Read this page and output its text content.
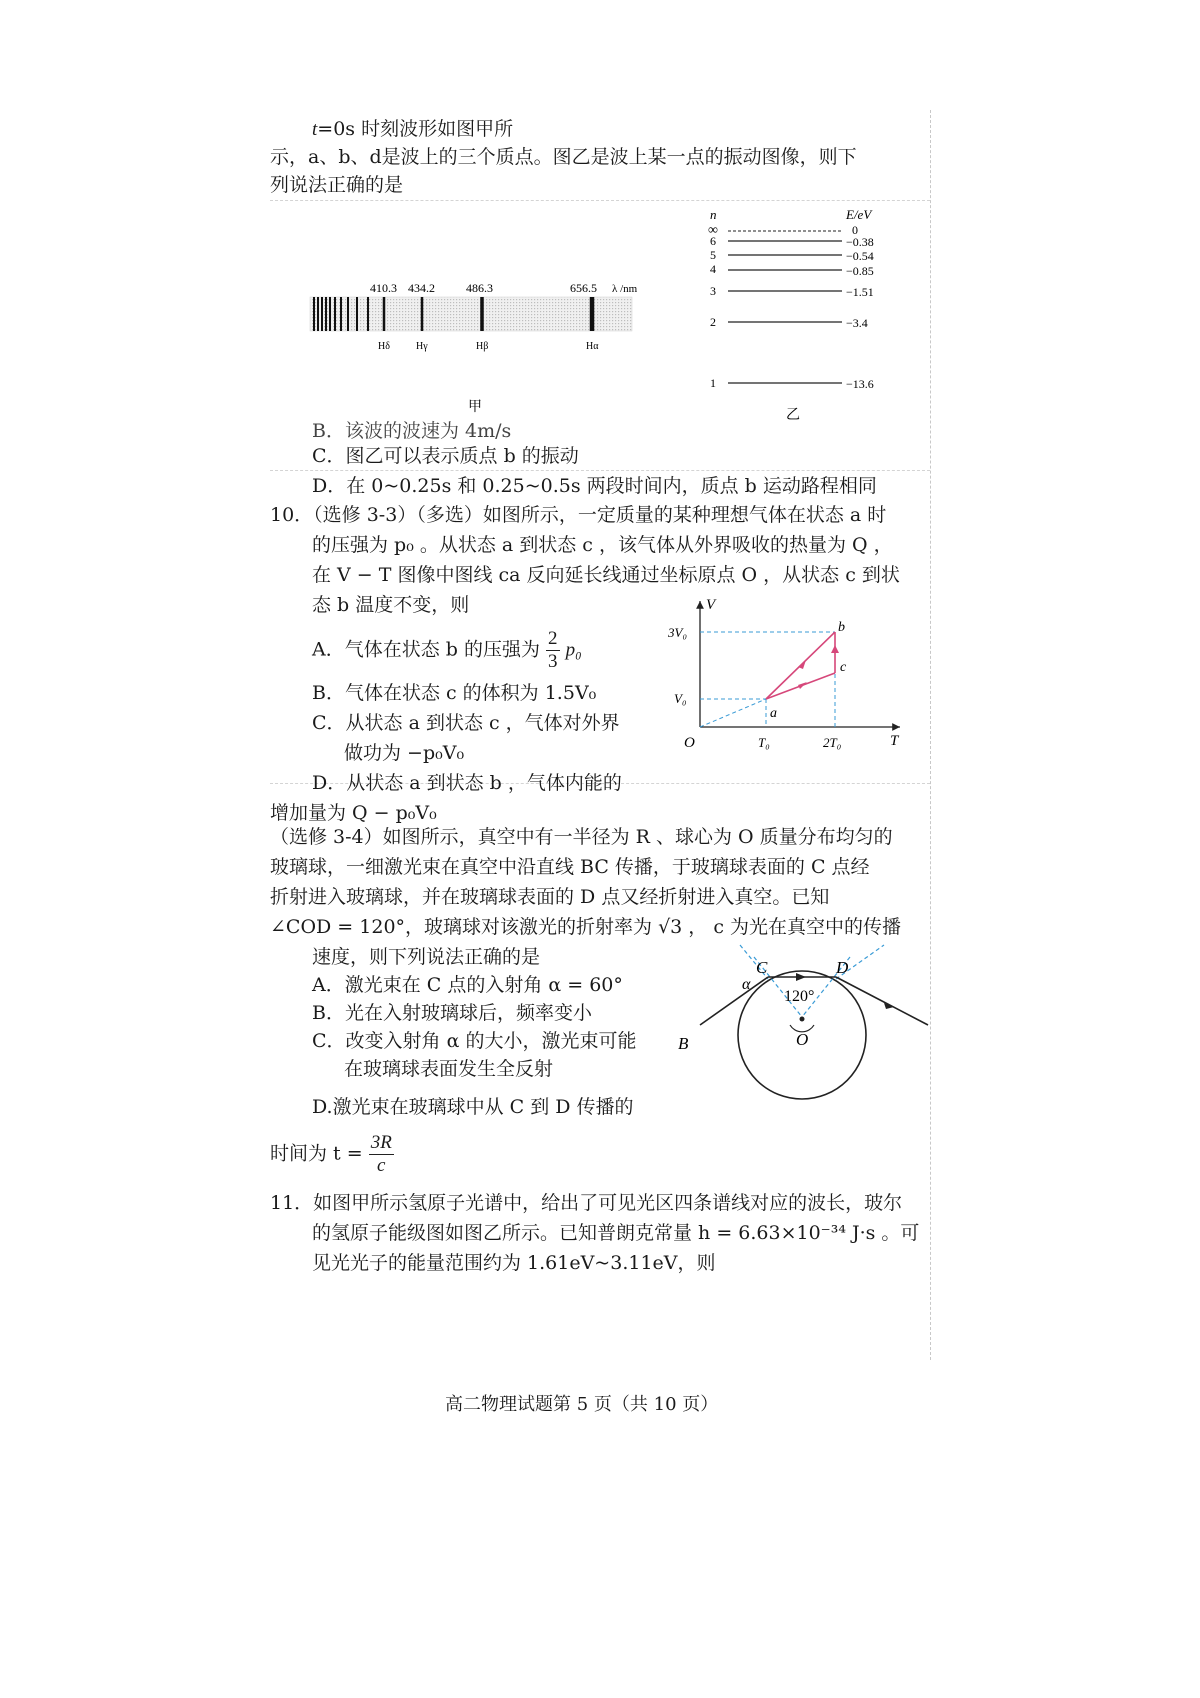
t=0s 时刻波形如图甲所
示，a、b、d是波上的三个质点。图乙是波上某一点的振动图像，则下
列说法正确的是
410.3 434.2	486.3	656.5 λ /nm
Hδ	Hγ	Hβ	Hα
甲
n	E/eV
∞	0
6	−0.38
5	−0.54
4	−0.85
3	−1.51
2	−3.4
1	−13.6
乙
B．该波的波速为 4m/s
C．图乙可以表示质点 b 的振动
D．在 0~0.25s 和 0.25~0.5s 两段时间内，质点 b 运动路程相同
10．（选修 3-3）（多选）如图所示，一定质量的某种理想气体在状态 a 时
的压强为 p₀ 。从状态 a 到状态 c ，该气体从外界吸收的热量为 Q ，
在 V − T 图像中图线 ca 反向延长线通过坐标原点 O ，从状态 c 到状
态 b 温度不变，则
A．气体在状态 b 的压强为 $\frac{2}{3} p_0$
B．气体在状态 c 的体积为 1.5V₀
C．从状态 a 到状态 c ，气体对外界
做功为 −p₀V₀
D．从状态 a 到状态 b ，气体内能的
增加量为 Q − p₀V₀
V
T
O
3V₀
V₀
T₀	2T₀
a
b
c
（选修 3-4）如图所示，真空中有一半径为 R 、球心为 O 质量分布均匀的
玻璃球，一细激光束在真空中沿直线 BC 传播，于玻璃球表面的 C 点经
折射进入玻璃球，并在玻璃球表面的 D 点又经折射进入真空。已知
∠COD = 120°，玻璃球对该激光的折射率为 √3 ， c 为光在真空中的传播
速度，则下列说法正确的是
A．激光束在 C 点的入射角 α = 60°
B．光在入射玻璃球后，频率变小
C．改变入射角 α 的大小，激光束可能
在玻璃球表面发生全反射
D.激光束在玻璃球中从 C 到 D 传播的
时间为 $t = \frac{3R}{c}$
C	D
B	O
α
120°
11．如图甲所示氢原子光谱中，给出了可见光区四条谱线对应的波长，玻尔
的氢原子能级图如图乙所示。已知普朗克常量 h = 6.63×10⁻³⁴ J·s 。可
见光光子的能量范围约为 1.61eV~3.11eV，则
高二物理试题第 5 页（共 10 页）
